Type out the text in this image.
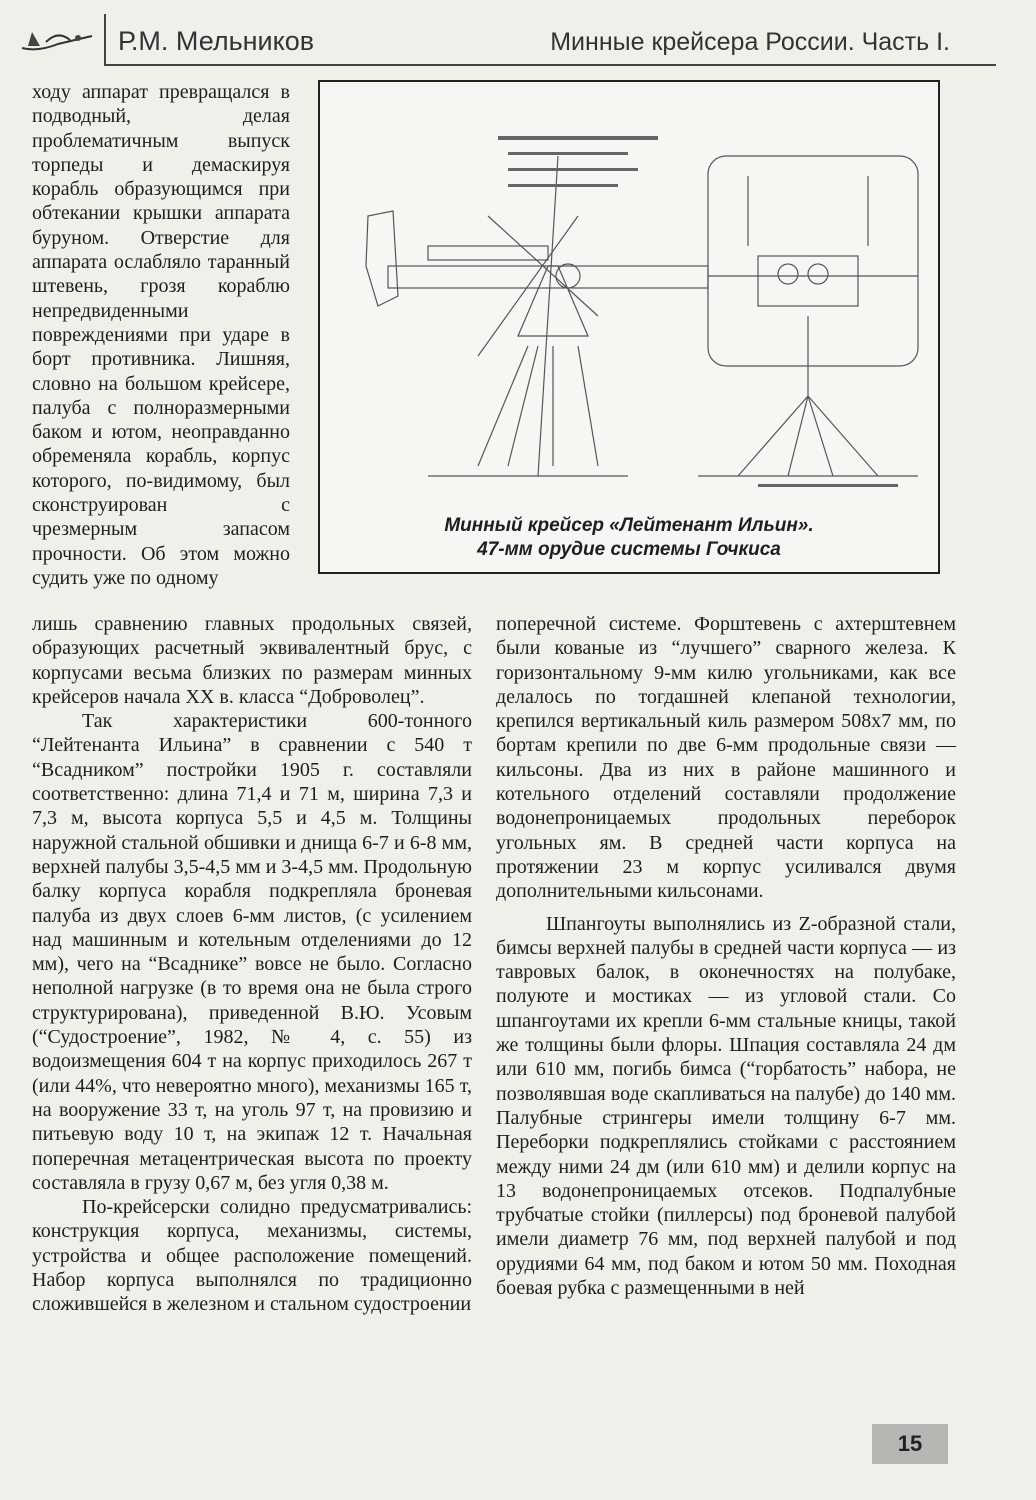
Р.М. Мельников	Минные крейсера России. Часть I.

ходу аппарат превращался в подводный, делая проблематичным выпуск торпеды и демаскируя корабль образующимся при обтекании крышки аппарата буруном. Отверстие для аппарата ослабляло таранный штевень, грозя кораблю непредвиденными повреждениями при ударе в борт противника. Лишняя, словно на большом крейсере, палуба с полноразмерными баком и ютом, неоправданно обременяла корабль, корпус которого, по-видимому, был сконструирован с чрезмерным запасом прочности. Об этом можно судить уже по одному

Минный крейсер «Лейтенант Ильин».
47-мм орудие системы Гочкиса

лишь сравнению главных продольных связей, образующих расчетный эквивалентный брус, с корпусами весьма близких по размерам минных крейсеров начала XX в. класса “Доброволец”.

Так характеристики 600-тонного “Лейтенанта Ильина” в сравнении с 540 т “Всадником” постройки 1905 г. составляли соответственно: длина 71,4 и 71 м, ширина 7,3 и 7,3 м, высота корпуса 5,5 и 4,5 м. Толщины наружной стальной обшивки и днища 6-7 и 6-8 мм, верхней палубы 3,5-4,5 мм и 3-4,5 мм. Продольную балку корпуса корабля подкрепляла броневая палуба из двух слоев 6-мм листов, (с усилением над машинным и котельным отделениями до 12 мм), чего на “Всаднике” вовсе не было. Согласно неполной нагрузке (в то время она не была строго структурирована), приведенной В.Ю. Усовым (“Судостроение”, 1982, № 4, с. 55) из водоизмещения 604 т на корпус приходилось 267 т (или 44%, что невероятно много), механизмы 165 т, на вооружение 33 т, на уголь 97 т, на провизию и питьевую воду 10 т, на экипаж 12 т. Начальная поперечная метацентрическая высота по проекту составляла в грузу 0,67 м, без угля 0,38 м.

По-крейсерски солидно предусматривались: конструкция корпуса, механизмы, системы, устройства и общее расположение помещений. Набор корпуса выполнялся по традиционно сложившейся в железном и стальном судостроении

поперечной системе. Форштевень с ахтерштевнем были кованые из “лучшего” сварного железа. К горизонтальному 9-мм килю угольниками, как все делалось по тогдашней клепаной технологии, крепился вертикальный киль размером 508х7 мм, по бортам крепили по две 6-мм продольные связи — кильсоны. Два из них в районе машинного и котельного отделений составляли продолжение водонепроницаемых продольных переборок угольных ям. В средней части корпуса на протяжении 23 м корпус усиливался двумя дополнительными кильсонами.

Шпангоуты выполнялись из Z-образной стали, бимсы верхней палубы в средней части корпуса — из тавровых балок, в оконечностях на полубаке, полуюте и мостиках — из угловой стали. Со шпангоутами их крепли 6-мм стальные кницы, такой же толщины были флоры. Шпация составляла 24 дм или 610 мм, погибь бимса (“горбатость” набора, не позволявшая воде скапливаться на палубе) до 140 мм. Палубные стрингеры имели толщину 6-7 мм. Переборки подкреплялись стойками с расстоянием между ними 24 дм (или 610 мм) и делили корпус на 13 водонепроницаемых отсеков. Подпалубные трубчатые стойки (пиллерсы) под броневой палубой имели диаметр 76 мм, под верхней палубой и под орудиями 64 мм, под баком и ютом 50 мм. Походная боевая рубка с размещенными в ней

15
